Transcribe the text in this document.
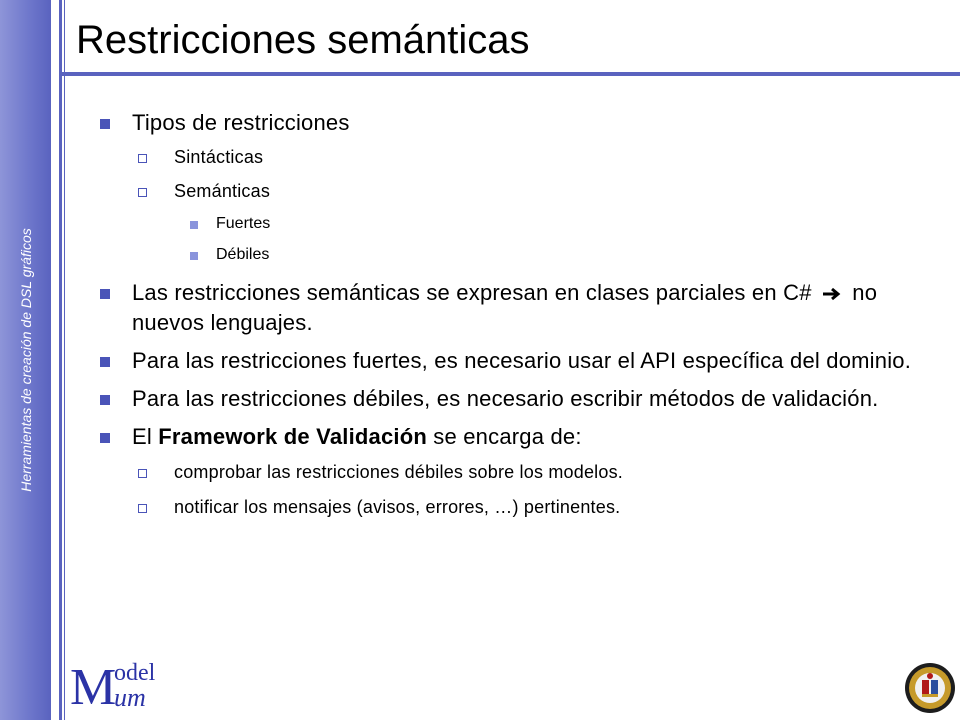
Herramientas de creación de DSL gráficos
Restricciones semánticas
Tipos de restricciones
Sintácticas
Semánticas
Fuertes
Débiles
Las restricciones semánticas se expresan en clases parciales en C# no nuevos lenguajes.
Para las restricciones fuertes, es necesario usar el API específica del dominio.
Para las restricciones débiles, es necesario escribir métodos de validación.
El Framework de Validación se encarga de:
comprobar las restricciones débiles sobre los modelos.
notificar los mensajes (avisos, errores, …) pertinentes.
M
odel
um
